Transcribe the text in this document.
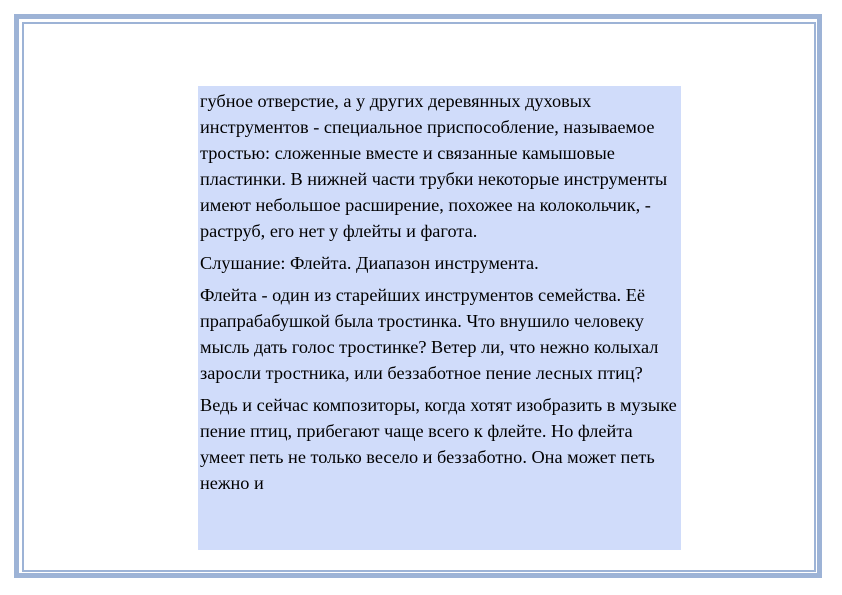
губное отверстие, а у других деревянных духовых инструментов - специальное приспособление, называемое тростью: сложенные вместе и связанные камышовые пластинки. В нижней части трубки некоторые инструменты имеют небольшое расширение, похожее на колокольчик, - раструб, его нет у флейты и фагота.

Слушание: Флейта. Диапазон инструмента.

Флейта - один из старейших инструментов семейства. Её прапрабабушкой была тростинка. Что внушило человеку мысль дать голос тростинке? Ветер ли, что нежно колыхал заросли тростника, или беззаботное пение лесных птиц?

Ведь и сейчас композиторы, когда хотят изобразить в музыке пение птиц, прибегают чаще всего к флейте. Но флейта умеет петь не только весело и беззаботно. Она может петь нежно и
